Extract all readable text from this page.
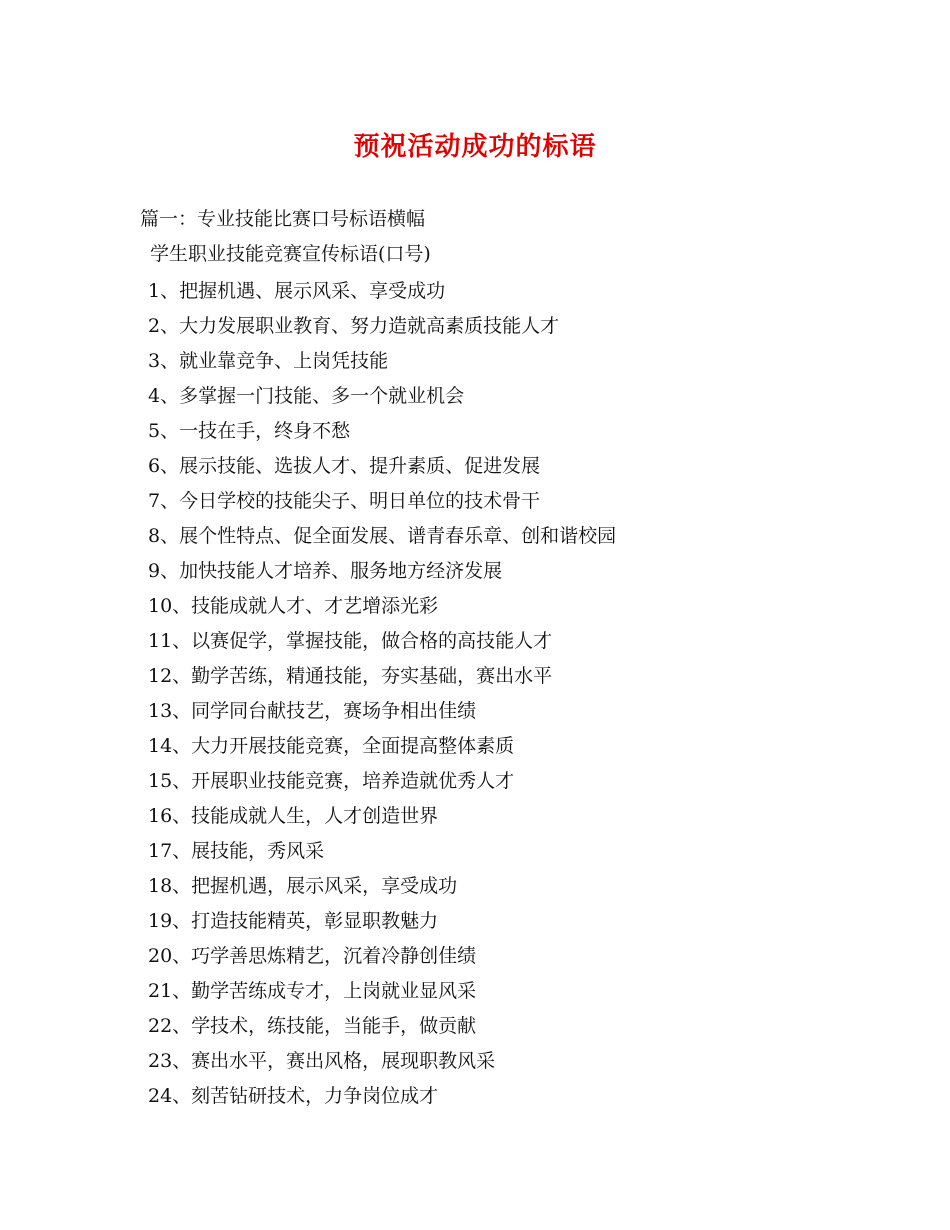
预祝活动成功的标语
篇一：专业技能比赛口号标语横幅
学生职业技能竞赛宣传标语(口号)
1、把握机遇、展示风采、享受成功
2、大力发展职业教育、努力造就高素质技能人才
3、就业靠竞争、上岗凭技能
4、多掌握一门技能、多一个就业机会
5、一技在手，终身不愁
6、展示技能、选拔人才、提升素质、促进发展
7、今日学校的技能尖子、明日单位的技术骨干
8、展个性特点、促全面发展、谱青春乐章、创和谐校园
9、加快技能人才培养、服务地方经济发展
10、技能成就人才、才艺增添光彩
11、以赛促学，掌握技能，做合格的高技能人才
12、勤学苦练，精通技能，夯实基础，赛出水平
13、同学同台献技艺，赛场争相出佳绩
14、大力开展技能竞赛，全面提高整体素质
15、开展职业技能竞赛，培养造就优秀人才
16、技能成就人生，人才创造世界
17、展技能，秀风采
18、把握机遇，展示风采，享受成功
19、打造技能精英，彰显职教魅力
20、巧学善思炼精艺，沉着冷静创佳绩
21、勤学苦练成专才，上岗就业显风采
22、学技术，练技能，当能手，做贡献
23、赛出水平，赛出风格，展现职教风采
24、刻苦钻研技术，力争岗位成才
